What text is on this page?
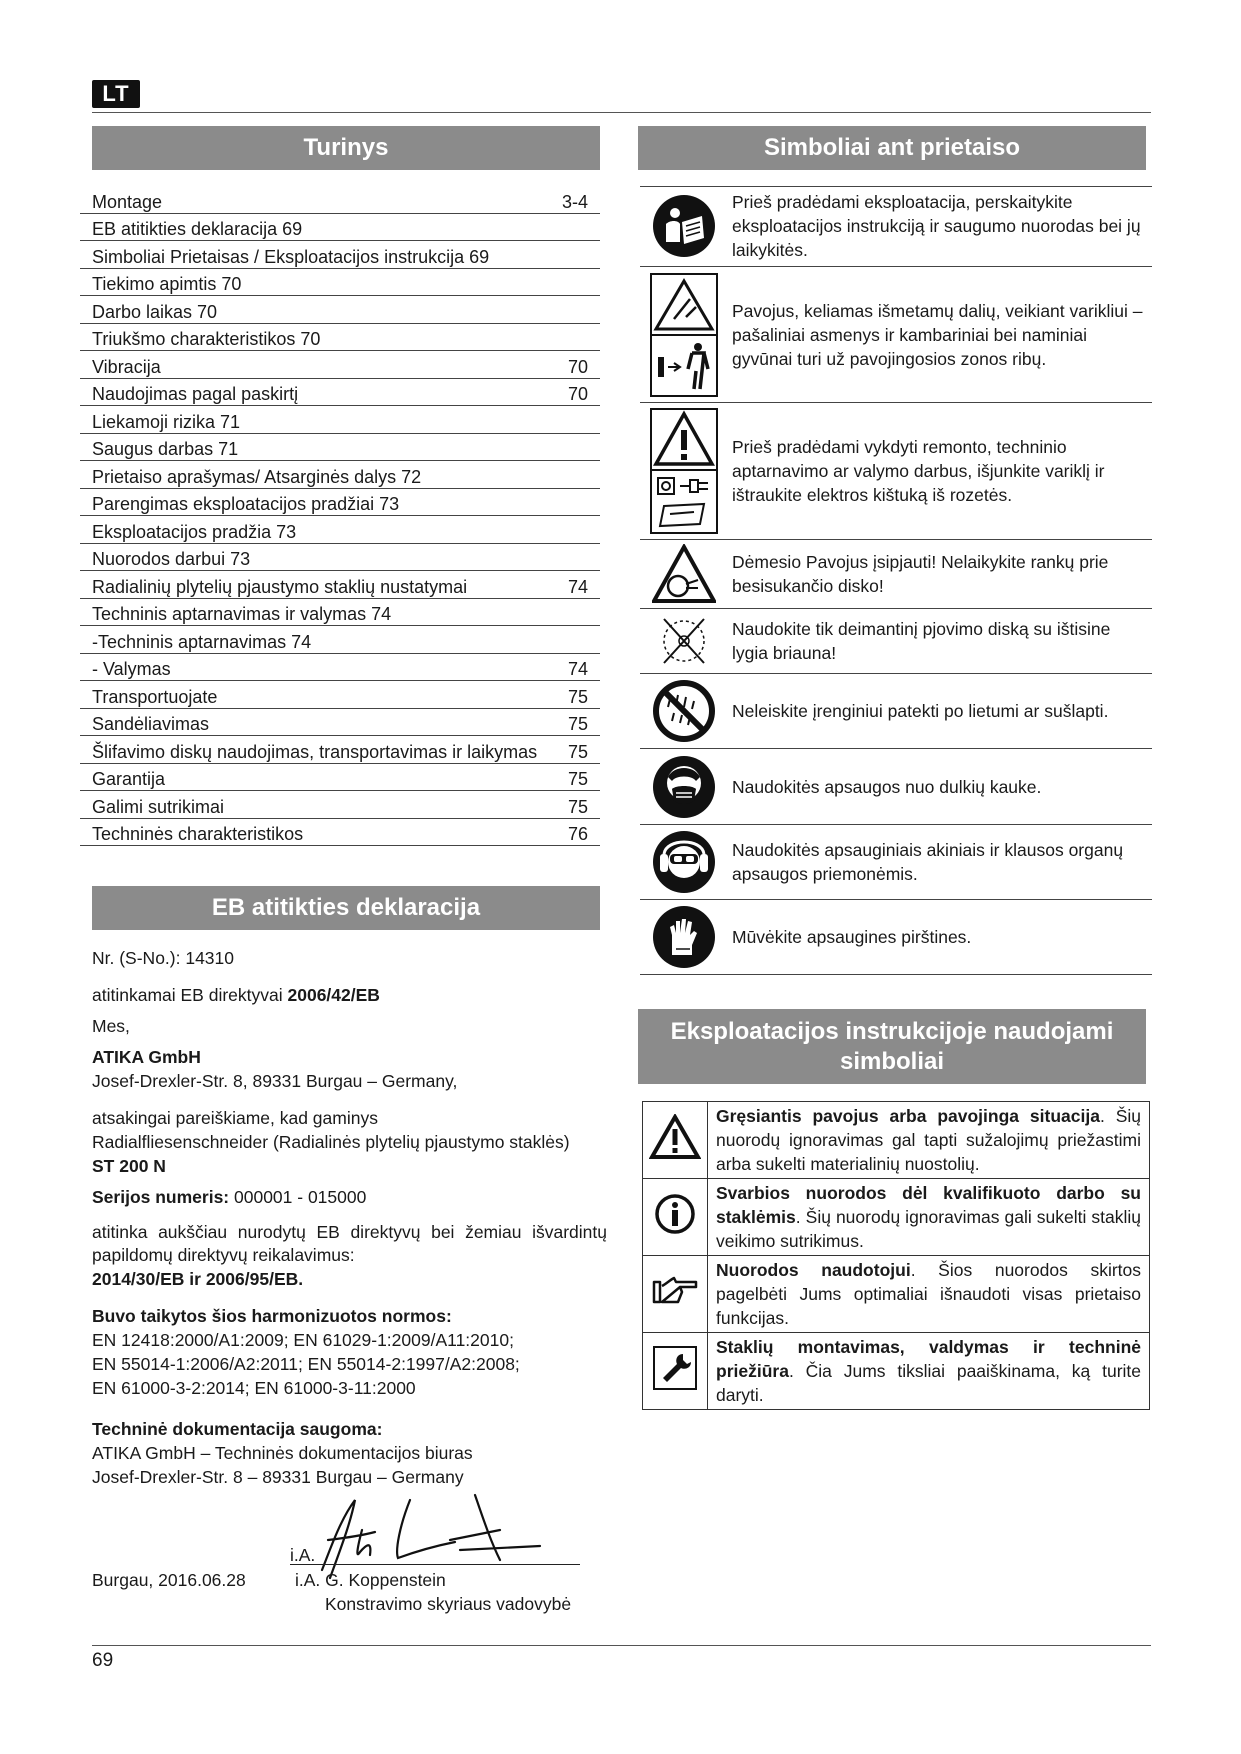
LT
Turinys
Montage	3-4
EB atitikties deklaracija 69
Simboliai Prietaisas / Eksploatacijos instrukcija 69
Tiekimo apimtis 70
Darbo laikas 70
Triukšmo charakteristikos 70
Vibracija	70
Naudojimas pagal paskirtį	70
Liekamoji rizika 71
Saugus darbas 71
Prietaiso aprašymas/ Atsarginės dalys 72
Parengimas eksploatacijos pradžiai 73
Eksploatacijos pradžia 73
Nuorodos darbui 73
Radialinių plytelių pjaustymo staklių nustatymai	74
Techninis aptarnavimas ir valymas 74
-Techninis aptarnavimas 74
- Valymas	74
Transportuojate	75
Sandėliavimas	75
Šlifavimo diskų naudojimas, transportavimas ir laikymas 75
Garantija	75
Galimi sutrikimai	75
Techninės charakteristikos	76
EB atitikties deklaracija
Nr. (S-No.): 14310
atitinkamai EB direktyvai 2006/42/EB
Mes,
ATIKA GmbH
Josef-Drexler-Str. 8, 89331 Burgau – Germany,
atsakingai pareiškiame, kad gaminys
Radialfliesenschneider (Radialinės plytelių pjaustymo staklės)
ST 200 N
Serijos numeris: 000001 - 015000
atitinka aukščiau nurodytų EB direktyvų bei žemiau išvardintų papildomų direktyvų reikalavimus:
2014/30/EB ir 2006/95/EB.
Buvo taikytos šios harmonizuotos normos:
EN 12418:2000/A1:2009; EN 61029-1:2009/A11:2010;
EN 55014-1:2006/A2:2011; EN 55014-2:1997/A2:2008;
EN 61000-3-2:2014; EN 61000-3-11:2000
Techninė dokumentacija saugoma:
ATIKA GmbH – Techninės dokumentacijos biuras
Josef-Drexler-Str. 8 – 89331 Burgau – Germany
i.A.
Burgau, 2016.06.28	i.A. G. Koppenstein
Konstravimo skyriaus vadovybė
Simboliai ant prietaiso
Prieš pradėdami eksploatacija, perskaitykite eksploatacijos instrukciją ir saugumo nuorodas bei jų laikykitės.
Pavojus, keliamas išmetamų dalių, veikiant varikliui – pašaliniai asmenys ir kambariniai bei naminiai gyvūnai turi už pavojingosios zonos ribų.
Prieš pradėdami vykdyti remonto, techninio aptarnavimo ar valymo darbus, išjunkite variklį ir ištraukite elektros kištuką iš rozetės.
Dėmesio Pavojus įsipjauti! Nelaikykite rankų prie besisukančio disko!
Naudokite tik deimantinį pjovimo diską su ištisine lygia briauna!
Neleiskite įrenginiui patekti po lietumi ar sušlapti.
Naudokitės apsaugos nuo dulkių kauke.
Naudokitės apsauginiais akiniais ir klausos organų apsaugos priemonėmis.
Mūvėkite apsaugines pirštines.
Eksploatacijos instrukcijoje naudojami
simboliai
	Gręsiantis pavojus arba pavojinga situacija. Šių nuorodų ignoravimas gal tapti sužalojimų priežastimi arba sukelti materialinių nuostolių.
	Svarbios nuorodos dėl kvalifikuoto darbo su staklėmis. Šių nuorodų ignoravimas gali sukelti staklių veikimo sutrikimus.
	Nuorodos naudotojui. Šios nuorodos skirtos pagelbėti Jums optimaliai išnaudoti visas prietaiso funkcijas.
	Staklių montavimas, valdymas ir techninė priežiūra. Čia Jums tiksliai paaiškinama, ką turite daryti.
69
